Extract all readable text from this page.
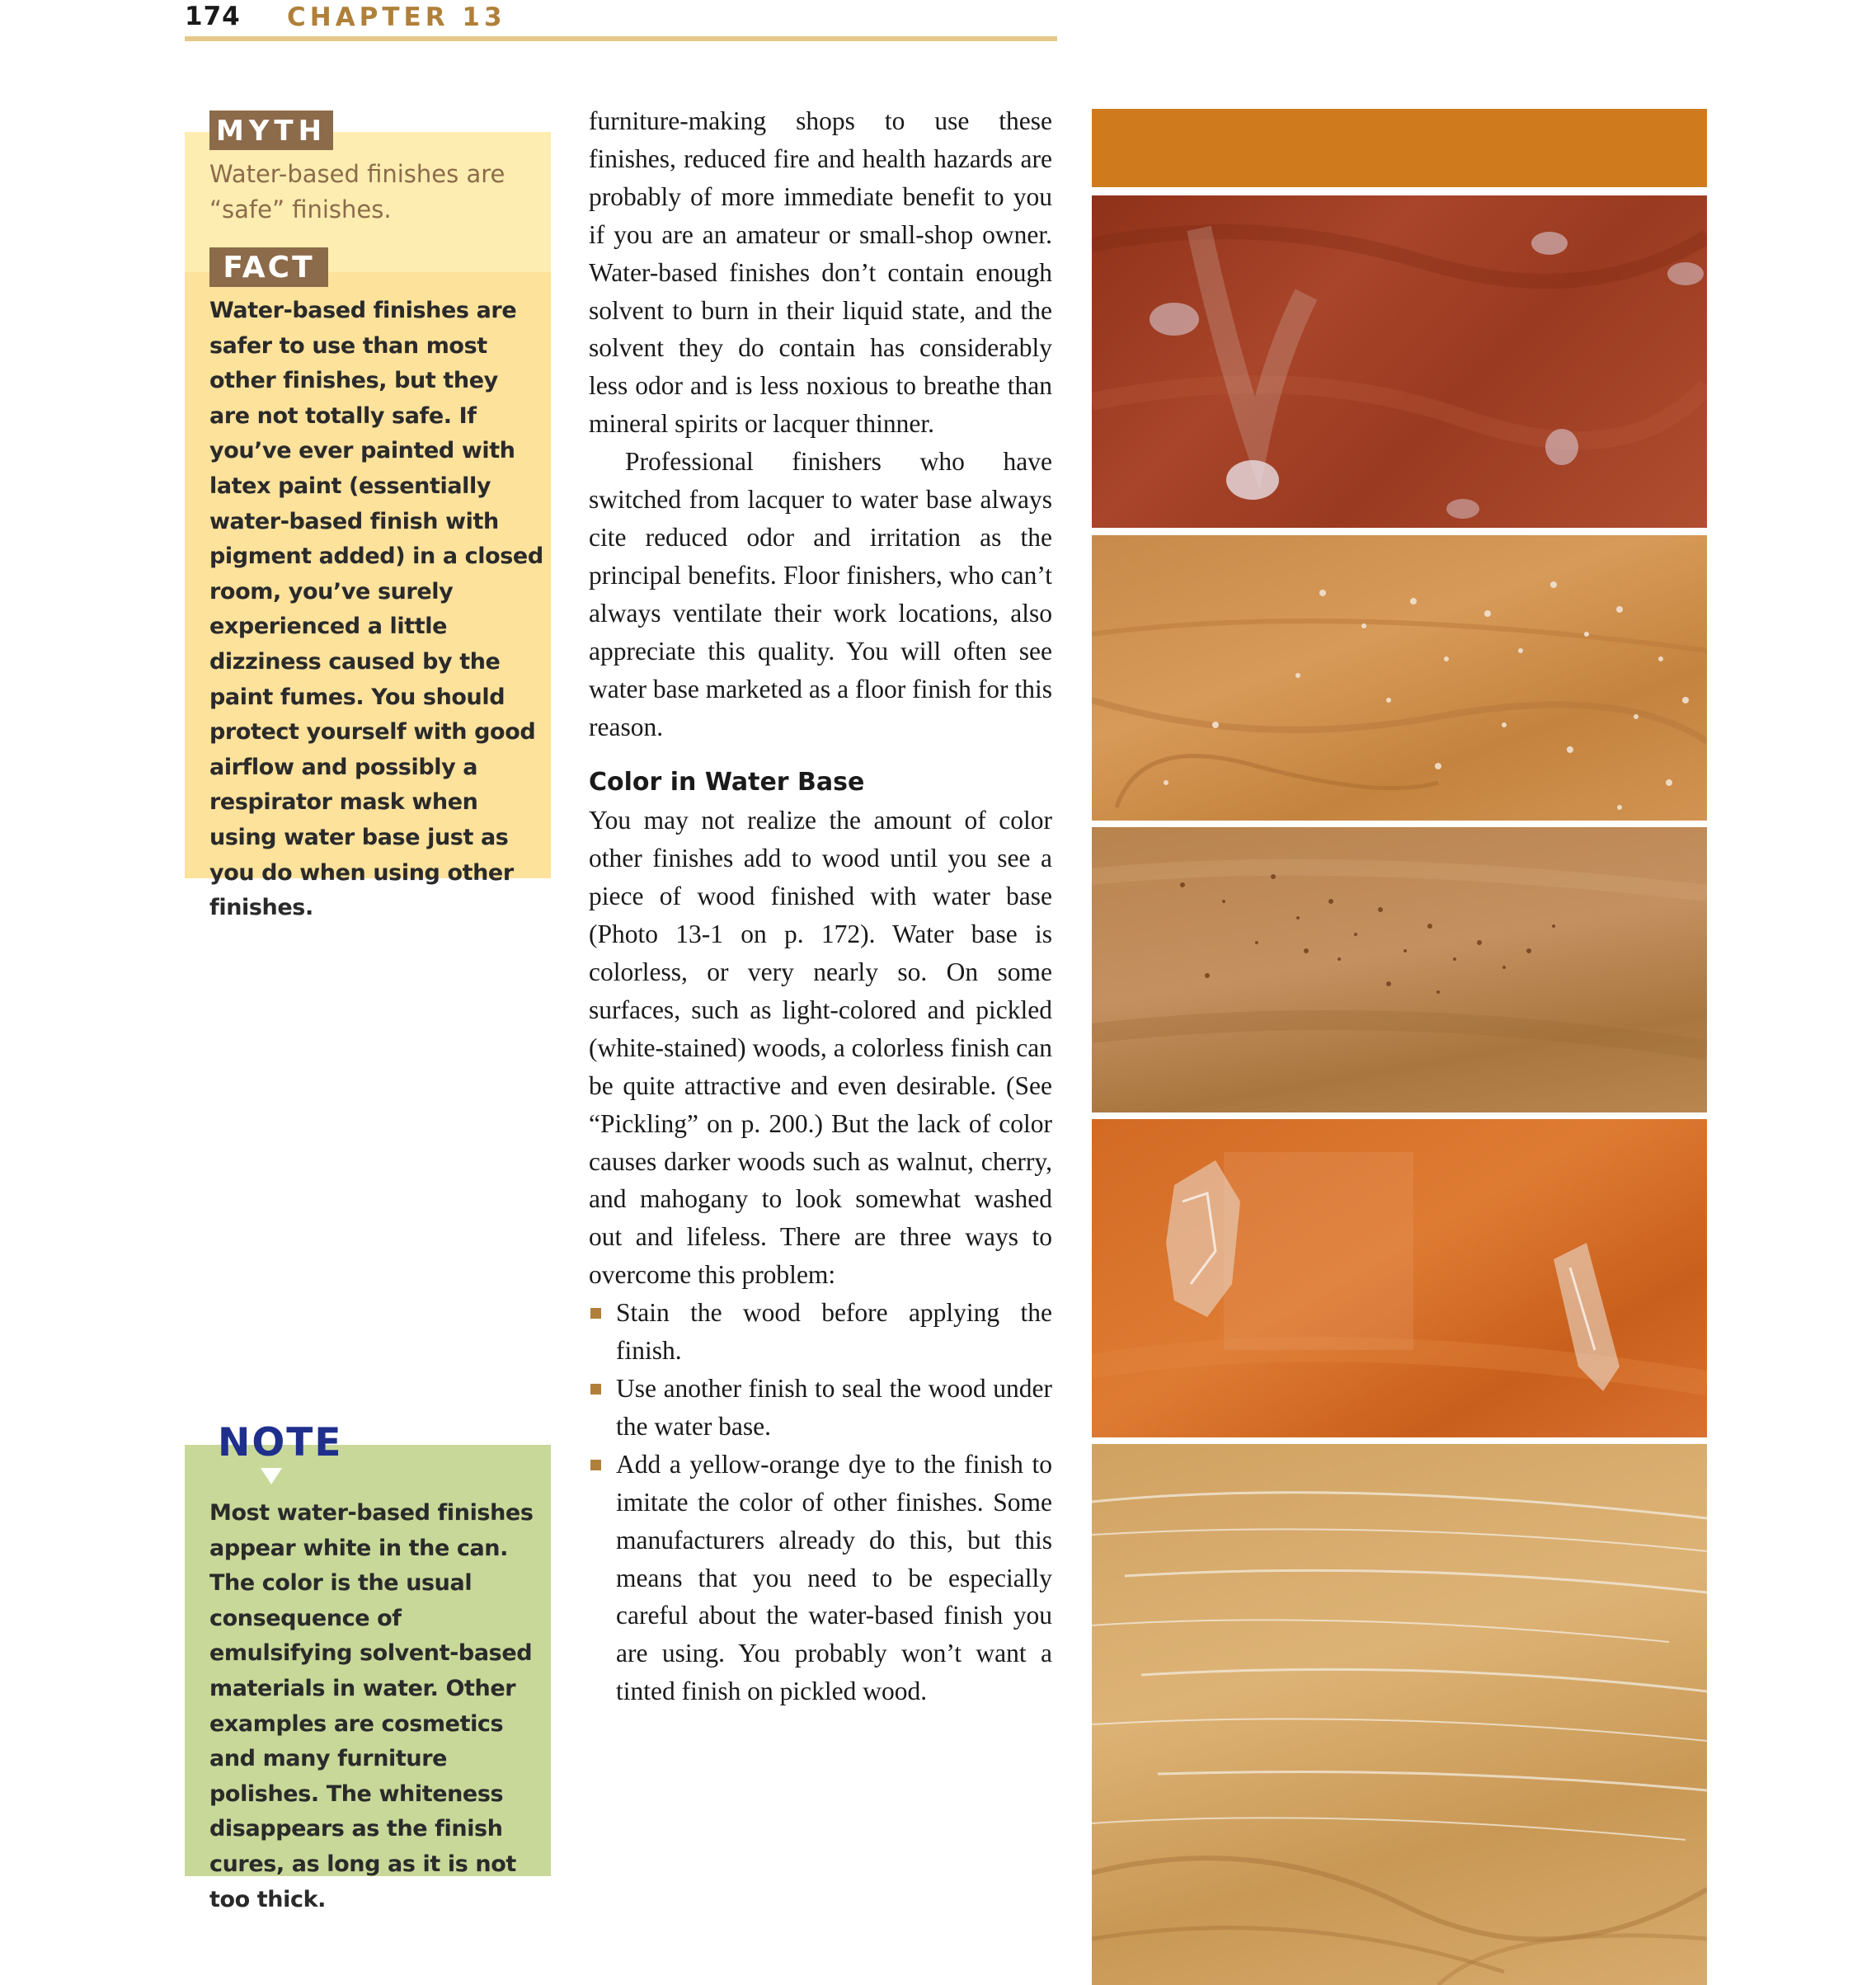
174 CHAPTER 13
MYTH
Water-based finishes are “safe” finishes.
FACT
Water-based finishes are safer to use than most other finishes, but they are not totally safe. If you’ve ever painted with latex paint (essentially water-based finish with pigment added) in a closed room, you’ve surely experienced a little dizziness caused by the paint fumes. You should protect yourself with good airflow and possibly a respirator mask when using water base just as you do when using other finishes.
NOTE
Most water-based finishes appear white in the can. The color is the usual consequence of emulsifying solvent-based materials in water. Other examples are cosmetics and many furniture polishes. The whiteness disappears as the finish cures, as long as it is not too thick.

furniture-making shops to use these finishes, reduced fire and health hazards are probably of more immediate benefit to you if you are an amateur or small-shop owner. Water-based finishes don’t contain enough solvent to burn in their liquid state, and the solvent they do contain has considerably less odor and is less noxious to breathe than mineral spirits or lacquer thinner.

Professional finishers who have switched from lacquer to water base always cite reduced odor and irritation as the principal benefits. Floor finishers, who can’t always ventilate their work locations, also appreciate this quality. You will often see water base marketed as a floor finish for this reason.

Color in Water Base

You may not realize the amount of color other finishes add to wood until you see a piece of wood finished with water base (Photo 13-1 on p. 172). Water base is colorless, or very nearly so. On some surfaces, such as light-colored and pickled (white-stained) woods, a colorless finish can be quite attractive and even desirable. (See “Pickling” on p. 200.) But the lack of color causes darker woods such as walnut, cherry, and mahogany to look somewhat washed out and lifeless. There are three ways to overcome this problem:

Stain the wood before applying the finish.
Use another finish to seal the wood under the water base.
Add a yellow-orange dye to the finish to imitate the color of other finishes. Some manufacturers already do this, but this means that you need to be especially careful about the water-based finish you are using. You probably won’t want a tinted finish on pickled wood.
